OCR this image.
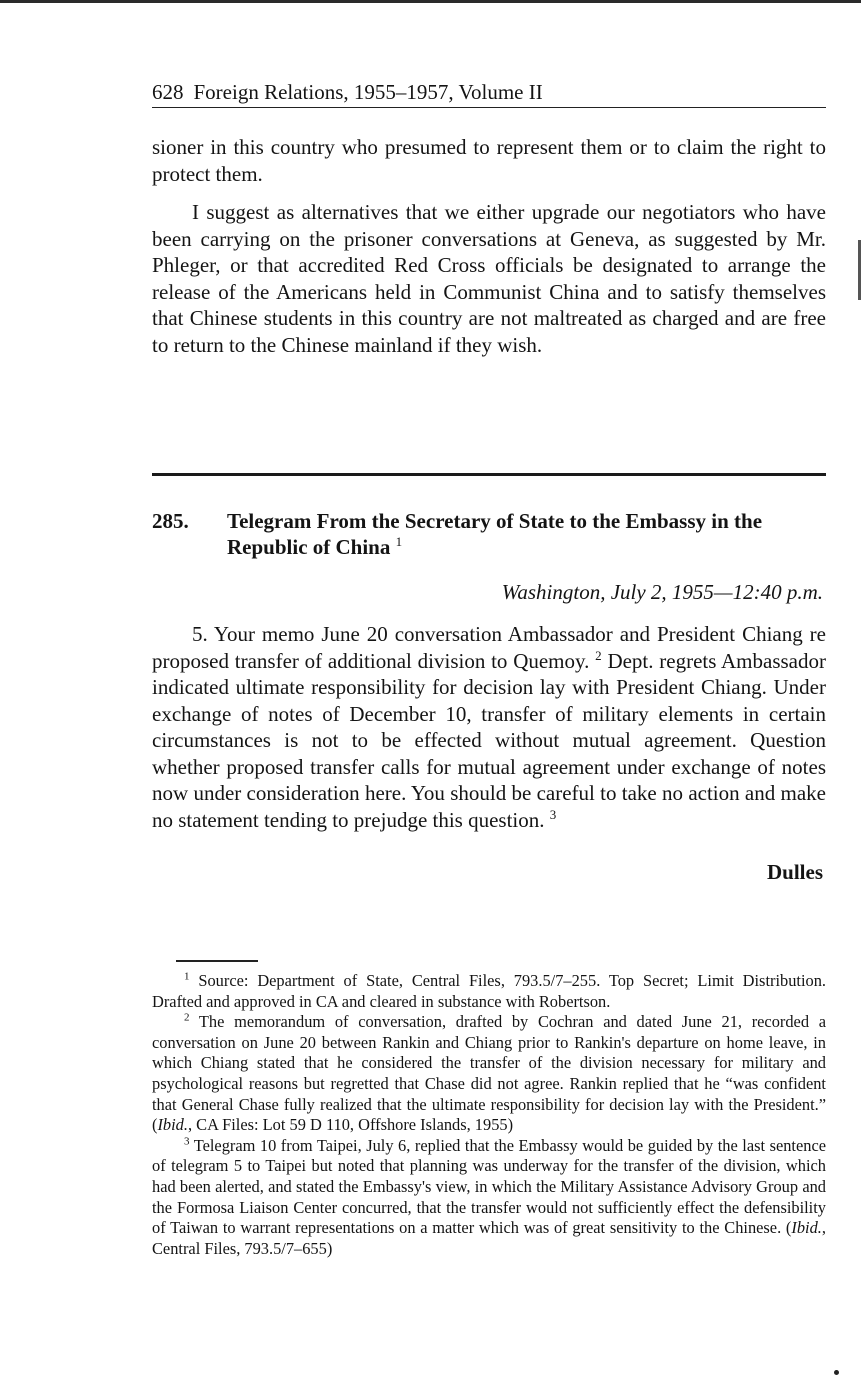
628 Foreign Relations, 1955–1957, Volume II

sioner in this country who presumed to represent them or to claim the right to protect them.

I suggest as alternatives that we either upgrade our negotiators who have been carrying on the prisoner conversations at Geneva, as suggested by Mr. Phleger, or that accredited Red Cross officials be designated to arrange the release of the Americans held in Communist China and to satisfy themselves that Chinese students in this country are not maltreated as charged and are free to return to the Chinese mainland if they wish.

285. Telegram From the Secretary of State to the Embassy in the Republic of China $^1$
Washington, July 2, 1955—12:40 p.m.

5. Your memo June 20 conversation Ambassador and President Chiang re proposed transfer of additional division to Quemoy. $^2$ Dept. regrets Ambassador indicated ultimate responsibility for decision lay with President Chiang. Under exchange of notes of December 10, transfer of military elements in certain circumstances is not to be effected without mutual agreement. Question whether proposed transfer calls for mutual agreement under exchange of notes now under consideration here. You should be careful to take no action and make no statement tending to prejudge this question. $^3$

Dulles

$^1$ Source: Department of State, Central Files, 793.5/7–255. Top Secret; Limit Distribution. Drafted and approved in CA and cleared in substance with Robertson.

$^2$ The memorandum of conversation, drafted by Cochran and dated June 21, recorded a conversation on June 20 between Rankin and Chiang prior to Rankin's departure on home leave, in which Chiang stated that he considered the transfer of the division necessary for military and psychological reasons but regretted that Chase did not agree. Rankin replied that he “was confident that General Chase fully realized that the ultimate responsibility for decision lay with the President.” (Ibid., CA Files: Lot 59 D 110, Offshore Islands, 1955)

$^3$ Telegram 10 from Taipei, July 6, replied that the Embassy would be guided by the last sentence of telegram 5 to Taipei but noted that planning was underway for the transfer of the division, which had been alerted, and stated the Embassy's view, in which the Military Assistance Advisory Group and the Formosa Liaison Center concurred, that the transfer would not sufficiently effect the defensibility of Taiwan to warrant representations on a matter which was of great sensitivity to the Chinese. (Ibid., Central Files, 793.5/7–655)
